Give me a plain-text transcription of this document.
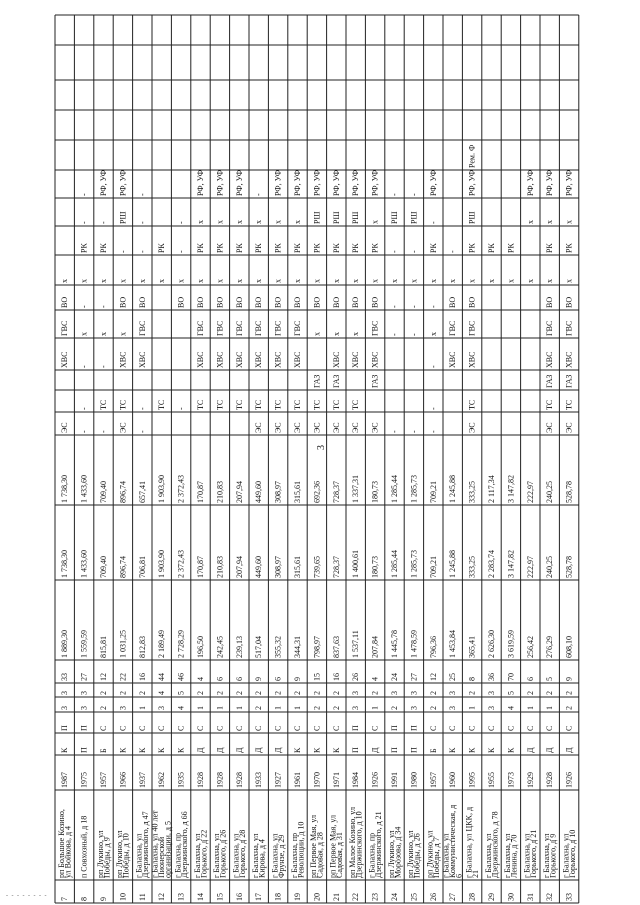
3
7
рп Большое Козино,
ул Войкова, д 4
1987
К
П
3
3
33
1 889,30
1 738,30
1 738,30
ЭС
ХВС
ГВС
ВО
х
8
п Совхозный, д 18
1975
П
П
3
3
27
1 559,59
1 433,60
1 433,60
-
-
-
х
-
х
РК
-
-
9
рп Лукино, ул
Победы, д 9
1957
Б
С
2
2
12
815,81
709,40
709,40
-
ТС
-
х
-
х
РК
-
РФ, УФ
10
рп Лукино, ул
Победы, д 10
1966
К
С
3
2
22
1 031,25
896,74
896,74
ЭС
ТС
ХВС
х
ВО
х
-
РШ
РФ, УФ
11
г Балахна, ул
Дзержинского, д 47
1937
К
С
1
2
16
812,83
706,81
657,41
-
-
ХВС
ГВС
ВО
х
-
-
-
12
г Балахна, ул 40 лет
Пионерской
организации, д 5
1962
К
С
3
4
44
2 189,49
1 903,90
1 903,90
ТС
х
РК
13
г Балахна, пр
Дзержинского, д 66
1935
К
С
4
5
46
2 728,29
2 372,43
2 372,43
-
ВО
х
-
-
14
г Балахна, ул
Горького, д 22
1928
Д
С
1
2
4
196,50
170,87
170,87
ТС
ХВС
ГВС
ВО
х
РК
х
РФ, УФ
15
г Балахна, ул
Горького, д 26
1928
Д
С
1
2
6
242,45
210,83
210,83
ТС
ХВС
ГВС
ВО
х
РК
х
РФ, УФ
16
г Балахна, ул
Горького, д 28
1928
Д
С
1
2
6
239,13
207,94
207,94
ТС
ХВС
ГВС
ВО
х
РК
х
РФ, УФ
17
г Балахна, ул
Кирова, д 4
1933
Д
С
2
2
9
517,04
449,60
449,60
ЭС
ТС
ХВС
ГВС
ВО
х
РК
х
-
18
г Балахна, ул
Фрунзе, д 29
1927
Д
С
1
2
6
355,32
308,97
308,97
ЭС
ТС
ХВС
ГВС
ВО
х
РК
х
РФ, УФ
19
г Балахна, пр
Революции, д 10
1961
К
С
1
2
9
344,31
315,61
315,61
ЭС
ТС
ХВС
ГВС
ВО
х
РК
х
РФ, УФ
20
рп Первое Мая, ул
Садовая, д 28
1970
К
С
2
2
15
798,97
739,65
692,36
ЭС
ТС
ГАЗ
х
ВО
х
РК
РШ
РФ, УФ
21
рп Первое Мая, ул
Садовая, д 31
1971
К
С
2
2
16
837,63
728,37
728,37
ЭС
ТС
ГАЗ
ХВС
х
ВО
х
РК
РШ
РФ, УФ
22
рп Малое Козино, ул
Дзержинского, д 10
1984
П
П
3
3
26
1 537,11
1 400,61
1 337,31
ЭС
ТС
ХВС
х
ВО
х
РК
РШ
РФ, УФ
23
г Балахна, пр
Дзержинского, д 21
1926
Д
С
1
2
4
207,84
180,73
180,73
ЭС
ГАЗ
ХВС
ГВС
ВО
х
РК
х
РФ, УФ
24
рп Лукино, ул
Морозова, д 34
1991
П
П
2
3
24
1 445,78
1 285,44
1 285,44
-
-
-
х
-
РШ
-
25
рп Лукино, ул
Победы, д 26
1980
П
П
3
3
27
1 478,59
1 285,73
1 285,73
-
-
-
х
-
РШ
-
26
рп Лукино, ул
Победы, д 7
1957
Б
С
2
2
12
796,36
709,21
709,21
-
-
-
х
-
х
РК
-
РФ, УФ
27
г Балахна, ул
Коммунистическая, д
6
1960
К
С
3
3
25
1 453,84
1 245,88
1 245,88
ХВС
ГВС
ВО
х
-
28
г Балахна, ул ЦКК, д
21
1995
К
С
1
2
8
365,41
333,25
333,25
ЭС
ТС
ХВС
ГВС
ВО
х
РК
РШ
РФ, УФ
Рем. Ф
29
г Балахна, ул
Дзержинского, д 78
1955
К
С
3
3
36
2 626,30
2 283,74
2 117,34
х
РК
30
г Балахна, ул
Ленина, д 70
1973
К
С
4
5
70
3 619,59
3 147,82
3 147,82
х
РК
31
г Балахна, ул
Горького, д 21
1929
Д
С
1
2
6
256,42
222,97
222,97
х
х
РФ, УФ
32
г Балахна, ул
Горького, д 9
1928
Д
С
1
2
5
276,29
240,25
240,25
ЭС
ТС
ГАЗ
ХВС
ГВС
ВО
х
РК
х
РФ, УФ
33
г Балахна, ул
Горького, д 10
1926
Д
С
2
2
9
608,10
528,78
528,78
ЭС
ТС
ГАЗ
ХВС
ГВС
ВО
х
РК
х
РФ, УФ
- - - - - - - -
